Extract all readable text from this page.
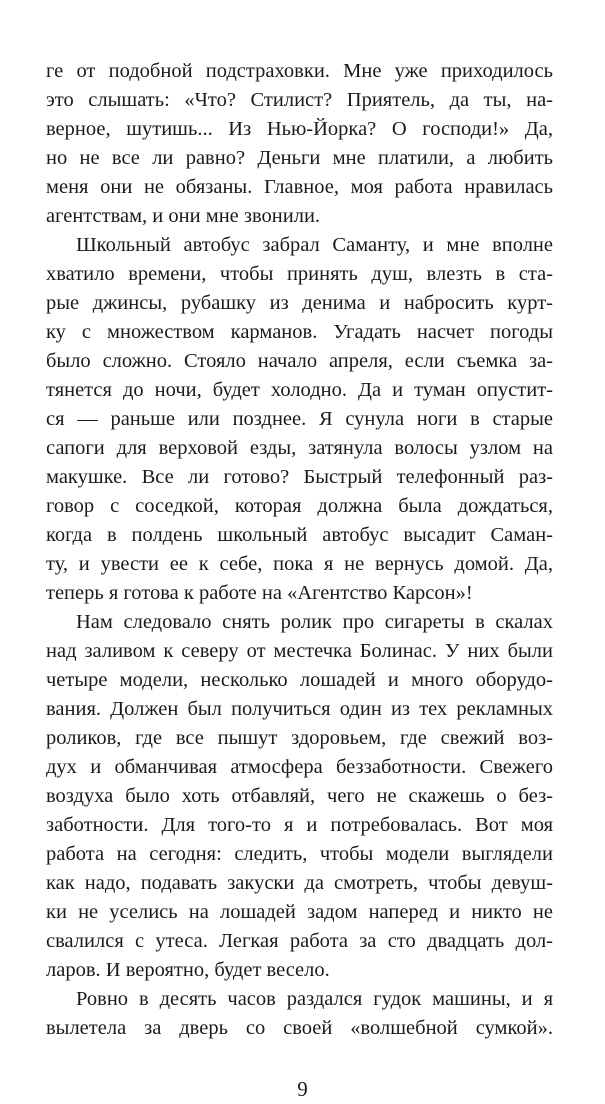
ге от подобной подстраховки. Мне уже приходилось
это слышать: «Что? Стилист? Приятель, да ты, на-
верное, шутишь... Из Нью-Йорка? О господи!» Да,
но не все ли равно? Деньги мне платили, а любить
меня они не обязаны. Главное, моя работа нравилась
агентствам, и они мне звонили.
Школьный автобус забрал Саманту, и мне вполне
хватило времени, чтобы принять душ, влезть в ста-
рые джинсы, рубашку из денима и набросить курт-
ку с множеством карманов. Угадать насчет погоды
было сложно. Стояло начало апреля, если съемка за-
тянется до ночи, будет холодно. Да и туман опустит-
ся — раньше или позднее. Я сунула ноги в старые
сапоги для верховой езды, затянула волосы узлом на
макушке. Все ли готово? Быстрый телефонный раз-
говор с соседкой, которая должна была дождаться,
когда в полдень школьный автобус высадит Саман-
ту, и увести ее к себе, пока я не вернусь домой. Да,
теперь я готова к работе на «Агентство Карсон»!
Нам следовало снять ролик про сигареты в скалах
над заливом к северу от местечка Болинас. У них были
четыре модели, несколько лошадей и много оборудо-
вания. Должен был получиться один из тех рекламных
роликов, где все пышут здоровьем, где свежий воз-
дух и обманчивая атмосфера беззаботности. Свежего
воздуха было хоть отбавляй, чего не скажешь о без-
заботности. Для того-то я и потребовалась. Вот моя
работа на сегодня: следить, чтобы модели выглядели
как надо, подавать закуски да смотреть, чтобы девуш-
ки не уселись на лошадей задом наперед и никто не
свалился с утеса. Легкая работа за сто двадцать дол-
ларов. И вероятно, будет весело.
Ровно в десять часов раздался гудок машины, и я
вылетела за дверь со своей «волшебной сумкой».
9
